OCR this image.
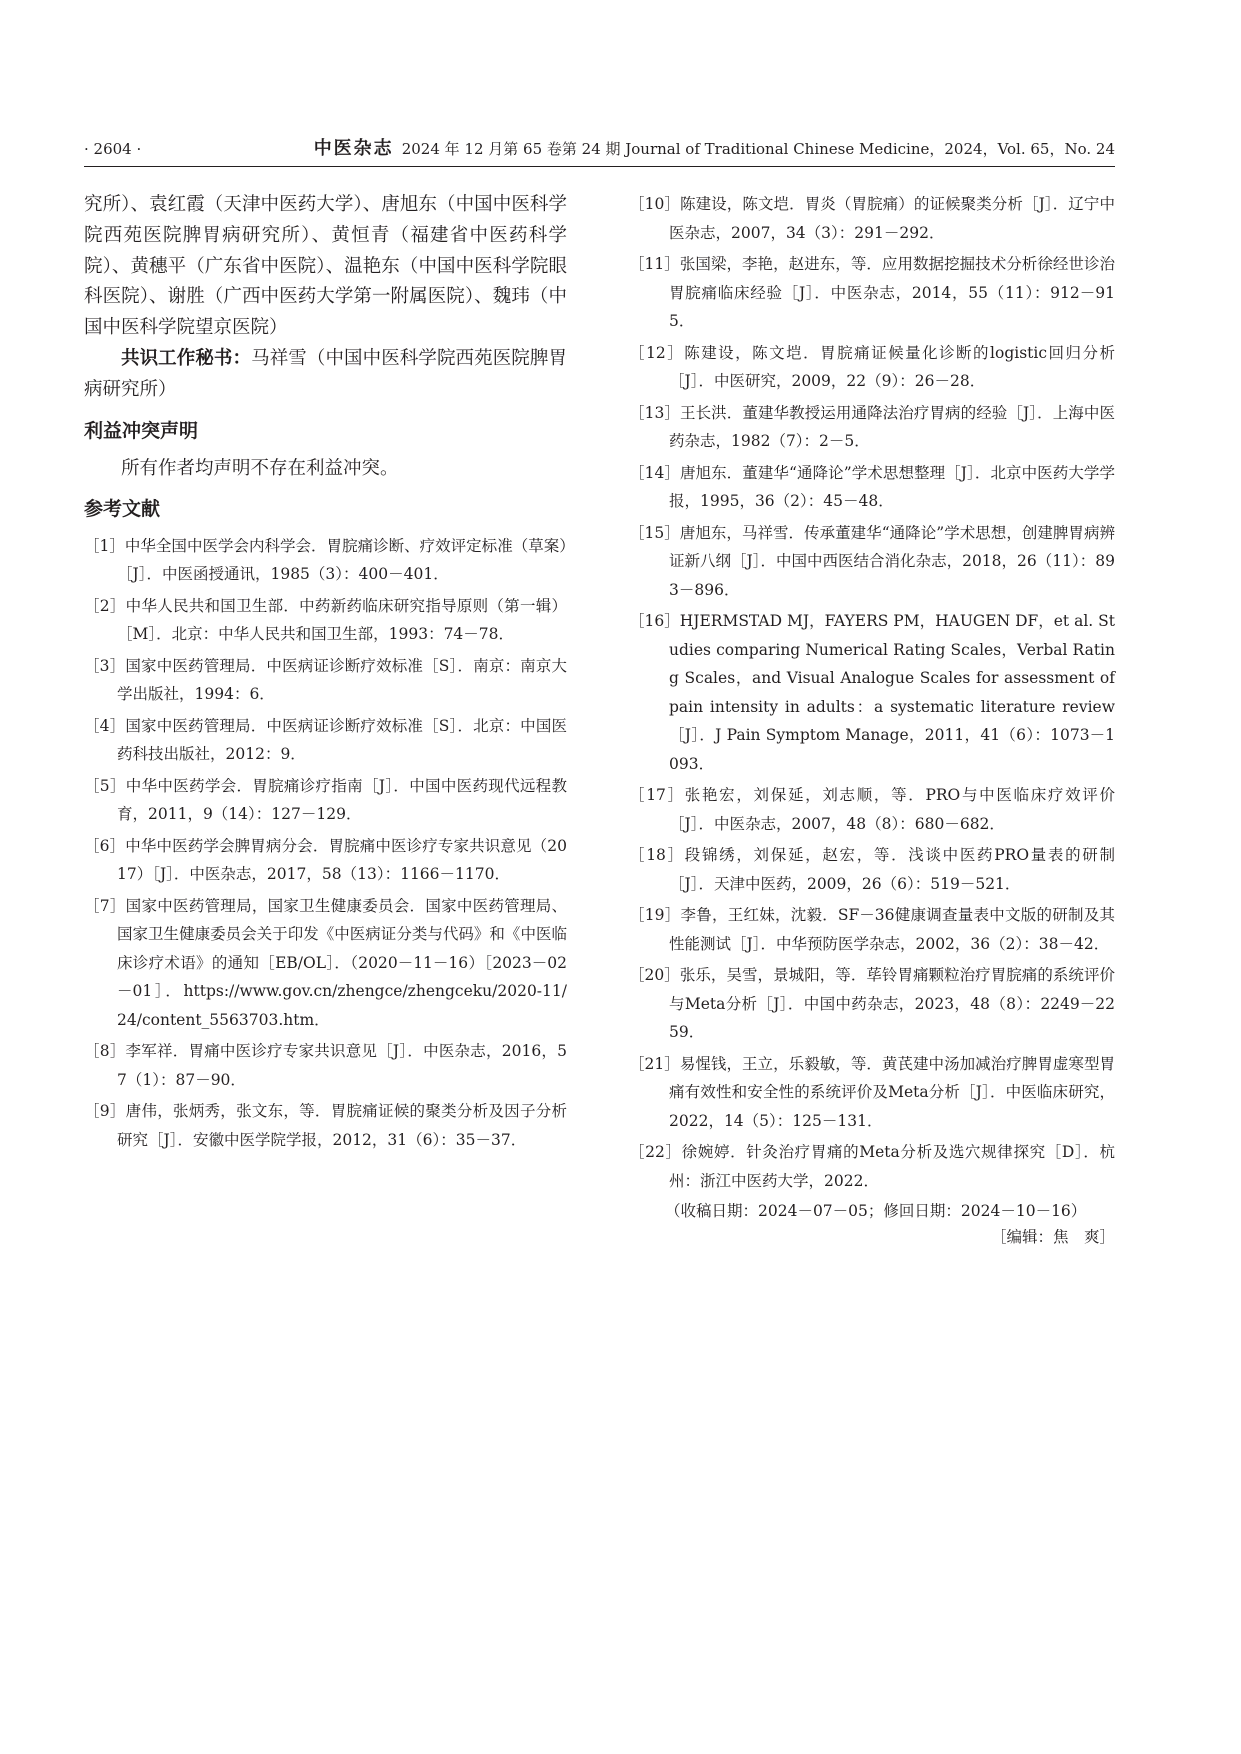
· 2604 ·	中医杂志 2024 年 12 月第 65 卷第 24 期 Journal of Traditional Chinese Medicine，2024，Vol. 65，No. 24

究所）、袁红霞（天津中医药大学）、唐旭东（中国中医科学院西苑医院脾胃病研究所）、黄恒青（福建省中医药科学院）、黄穗平（广东省中医院）、温艳东（中国中医科学院眼科医院）、谢胜（广西中医药大学第一附属医院）、魏玮（中国中医科学院望京医院）

共识工作秘书：马祥雪（中国中医科学院西苑医院脾胃病研究所）

利益冲突声明

所有作者均声明不存在利益冲突。

参考文献
［1］中华全国中医学会内科学会．胃脘痛诊断、疗效评定标准（草案）［J］．中医函授通讯，1985（3）：400－401．
［2］中华人民共和国卫生部．中药新药临床研究指导原则（第一辑）［M］．北京：中华人民共和国卫生部，1993：74－78．
［3］国家中医药管理局．中医病证诊断疗效标准［S］．南京：南京大学出版社，1994：6．
［4］国家中医药管理局．中医病证诊断疗效标准［S］．北京：中国医药科技出版社，2012：9．
［5］中华中医药学会．胃脘痛诊疗指南［J］．中国中医药现代远程教育，2011，9（14）：127－129．
［6］中华中医药学会脾胃病分会．胃脘痛中医诊疗专家共识意见（2017）［J］．中医杂志，2017，58（13）：1166－1170．
［7］国家中医药管理局，国家卫生健康委员会．国家中医药管理局、国家卫生健康委员会关于印发《中医病证分类与代码》和《中医临床诊疗术语》的通知［EB/OL］．（2020－11－16）［2023－02－01］．https://www.gov.cn/zhengce/zhengceku/2020-11/24/content_5563703.htm．
［8］李军祥．胃痛中医诊疗专家共识意见［J］．中医杂志，2016，57（1）：87－90．
［9］唐伟，张炳秀，张文东，等．胃脘痛证候的聚类分析及因子分析研究［J］．安徽中医学院学报，2012，31（6）：35－37．
［10］陈建设，陈文垲．胃炎（胃脘痛）的证候聚类分析［J］．辽宁中医杂志，2007，34（3）：291－292．
［11］张国梁，李艳，赵进东，等．应用数据挖掘技术分析徐经世诊治胃脘痛临床经验［J］．中医杂志，2014，55（11）：912－915．
［12］陈建设，陈文垲．胃脘痛证候量化诊断的logistic回归分析［J］．中医研究，2009，22（9）：26－28．
［13］王长洪．董建华教授运用通降法治疗胃病的经验［J］．上海中医药杂志，1982（7）：2－5．
［14］唐旭东．董建华“通降论”学术思想整理［J］．北京中医药大学学报，1995，36（2）：45－48．
［15］唐旭东，马祥雪．传承董建华“通降论”学术思想，创建脾胃病辨证新八纲［J］．中国中西医结合消化杂志，2018，26（11）：893－896．
［16］HJERMSTAD MJ，FAYERS PM，HAUGEN DF，et al. Studies comparing Numerical Rating Scales，Verbal Rating Scales，and Visual Analogue Scales for assessment of pain intensity in adults：a systematic literature review［J］．J Pain Symptom Manage，2011，41（6）：1073－1093．
［17］张艳宏，刘保延，刘志顺，等．PRO与中医临床疗效评价［J］．中医杂志，2007，48（8）：680－682．
［18］段锦绣，刘保延，赵宏，等．浅谈中医药PRO量表的研制［J］．天津中医药，2009，26（6）：519－521．
［19］李鲁，王红妹，沈毅．SF－36健康调查量表中文版的研制及其性能测试［J］．中华预防医学杂志，2002，36（2）：38－42．
［20］张乐，吴雪，景城阳，等．荜铃胃痛颗粒治疗胃脘痛的系统评价与Meta分析［J］．中国中药杂志，2023，48（8）：2249－2259．
［21］易惺钱，王立，乐毅敏，等．黄芪建中汤加减治疗脾胃虚寒型胃痛有效性和安全性的系统评价及Meta分析［J］．中医临床研究，2022，14（5）：125－131．
［22］徐婉婷．针灸治疗胃痛的Meta分析及选穴规律探究［D］．杭州：浙江中医药大学，2022．
（收稿日期：2024－07－05；修回日期：2024－10－16）
［编辑：焦　爽］
